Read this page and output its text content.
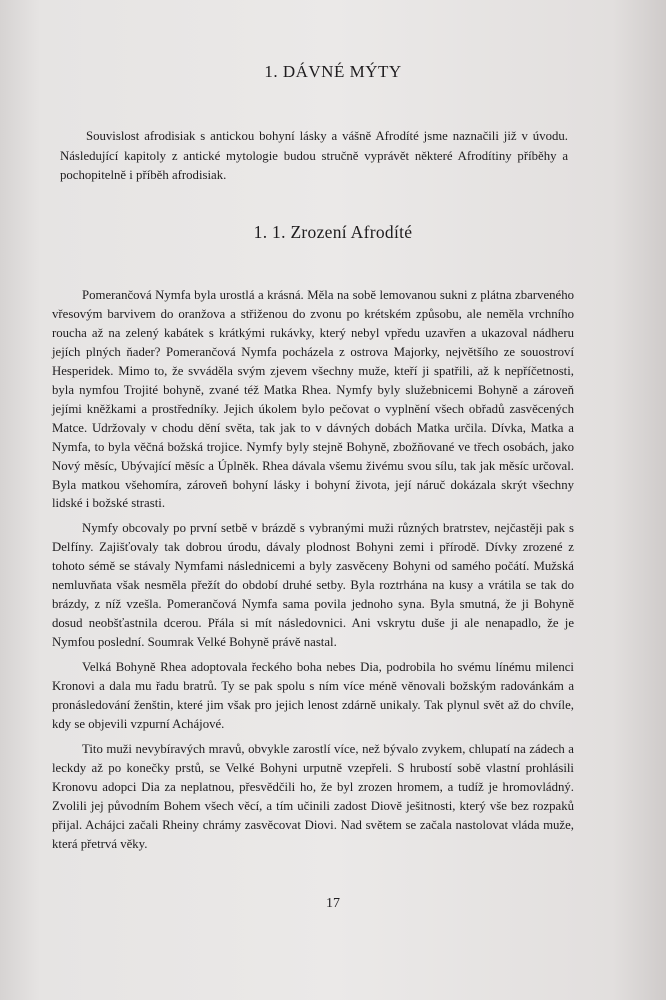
1. DÁVNÉ MÝTY

Souvislost afrodisiak s antickou bohyní lásky a vášně Afrodíté jsme naznačili již v úvodu. Následující kapitoly z antické mytologie budou stručně vyprávět některé Afrodítiny příběhy a pochopitelně i příběh afrodisiak.

1. 1. Zrození Afrodíté

Pomerančová Nymfa byla urostlá a krásná. Měla na sobě lemovanou sukni z plátna zbarveného vřesovým barvivem do oranžova a střiženou do zvonu po krétském způsobu, ale neměla vrchního roucha až na zelený kabátek s krátkými rukávky, který nebyl vpředu uzavřen a ukazoval nádheru jejích plných ňader? Pomerančová Nymfa pocházela z ostrova Majorky, největšího ze souostroví Hesperidek. Mimo to, že svváděla svým zjevem všechny muže, kteří ji spatřili, až k nepříčetnosti, byla nymfou Trojité bohyně, zvané též Matka Rhea. Nymfy byly služebnicemi Bohyně a zároveň jejími kněžkami a prostředníky. Jejich úkolem bylo pečovat o vyplnění všech obřadů zasvěcených Matce. Udržovaly v chodu dění světa, tak jak to v dávných dobách Matka určila. Dívka, Matka a Nymfa, to byla věčná božská trojice. Nymfy byly stejně Bohyně, zbožňované ve třech osobách, jako Nový měsíc, Ubývající měsíc a Úplněk. Rhea dávala všemu živému svou sílu, tak jak měsíc určoval. Byla matkou všehomíra, zároveň bohyní lásky i bohyní života, její náruč dokázala skrýt všechny lidské i božské strasti.

Nymfy obcovaly po první setbě v brázdě s vybranými muži různých bratrstev, nejčastěji pak s Delfíny. Zajišťovaly tak dobrou úrodu, dávaly plodnost Bohyni zemi i přírodě. Dívky zrozené z tohoto sémě se stávaly Nymfami následnicemi a byly zasvěceny Bohyni od samého počátí. Mužská nemluvňata však nesměla přežít do období druhé setby. Byla roztrhána na kusy a vrátila se tak do brázdy, z níž vzešla. Pomerančová Nymfa sama povila jednoho syna. Byla smutná, že ji Bohyně dosud neobšťastnila dcerou. Přála si mít následovnici. Ani vskrytu duše ji ale nenapadlo, že je Nymfou poslední. Soumrak Velké Bohyně právě nastal.

Velká Bohyně Rhea adoptovala řeckého boha nebes Dia, podrobila ho svému línému milenci Kronovi a dala mu řadu bratrů. Ty se pak spolu s ním více méně věnovali božským radovánkám a pronásledování ženštin, které jim však pro jejich lenost zdárně unikaly. Tak plynul svět až do chvíle, kdy se objevili vzpurní Achájové.

Tito muži nevybíravých mravů, obvykle zarostlí více, než bývalo zvykem, chlupatí na zádech a leckdy až po konečky prstů, se Velké Bohyni urputně vzepřeli. S hrubostí sobě vlastní prohlásili Kronovu adopci Dia za neplatnou, přesvědčili ho, že byl zrozen hromem, a tudíž je hromovládný. Zvolili jej původním Bohem všech věcí, a tím učinili zadost Diově ješitnosti, který vše bez rozpaků přijal. Achájci začali Rheiny chrámy zasvěcovat Diovi. Nad světem se začala nastolovat vláda muže, která přetrvá věky.

17
